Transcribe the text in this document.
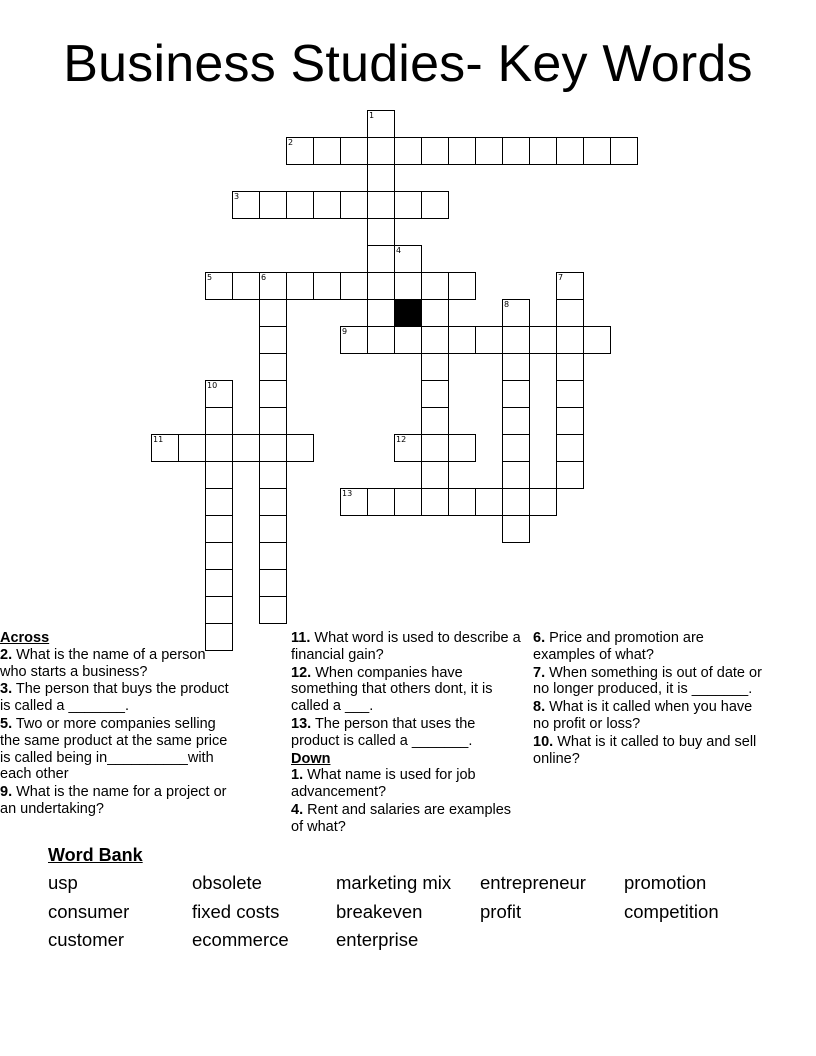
Business Studies- Key Words
1
2
3
4
5	6	7
8
9
10
11	12
13
Across
2. What is the name of a person who starts a business?
3. The person that buys the product is called a _______.
5. Two or more companies selling the same product at the same price is called being in__________with each other
9. What is the name for a project or an undertaking?
11. What word is used to describe a financial gain?
12. When companies have something that others dont, it is called a ___.
13. The person that uses the product is called a _______.
Down
1. What name is used for job advancement?
4. Rent and salaries are examples of what?
6. Price and promotion are examples of what?
7. When something is out of date or no longer produced, it is _______.
8. What is it called when you have no profit or loss?
10. What is it called to buy and sell online?
Word Bank
usp	obsolete	marketing mix	entrepreneur	promotion
consumer	fixed costs	breakeven	profit	competition
customer	ecommerce	enterprise
